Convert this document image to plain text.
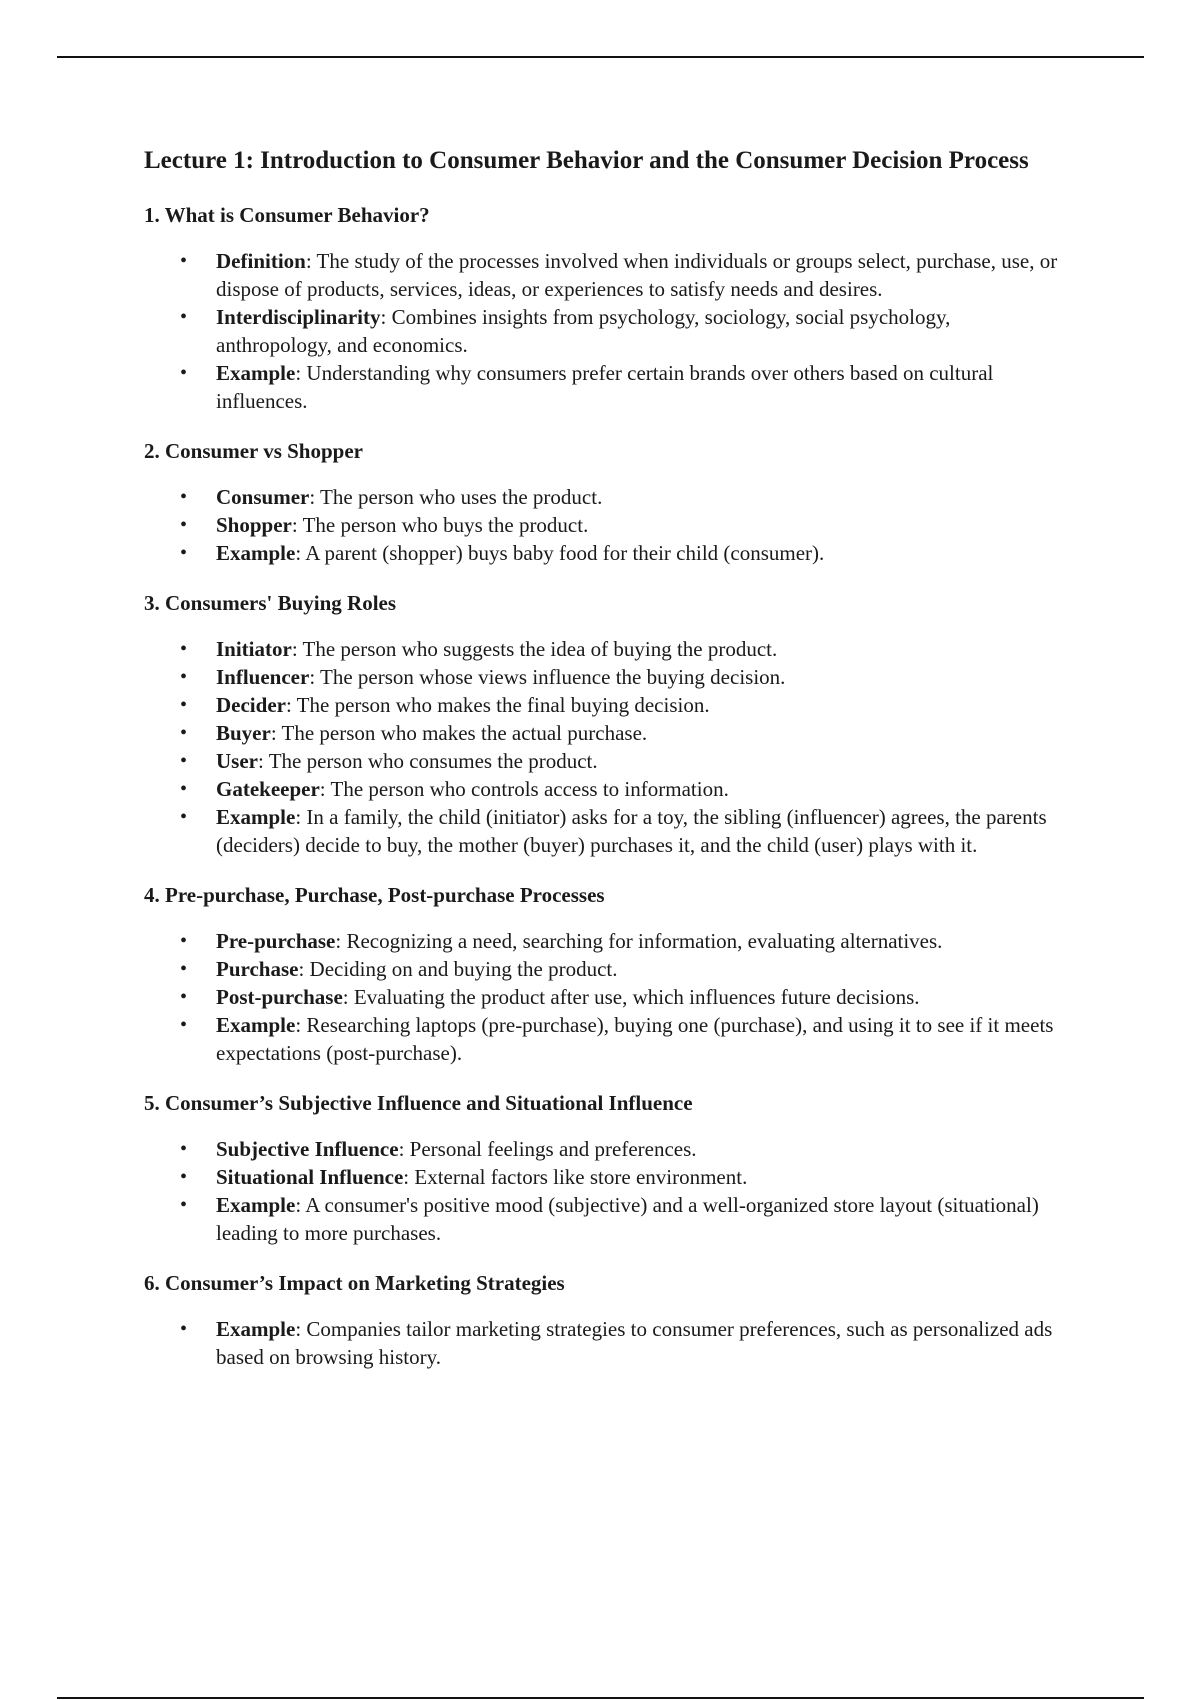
Lecture 1: Introduction to Consumer Behavior and the Consumer Decision Process
1. What is Consumer Behavior?
• Definition: The study of the processes involved when individuals or groups select, purchase, use, or dispose of products, services, ideas, or experiences to satisfy needs and desires.
• Interdisciplinarity: Combines insights from psychology, sociology, social psychology, anthropology, and economics.
• Example: Understanding why consumers prefer certain brands over others based on cultural influences.
2. Consumer vs Shopper
• Consumer: The person who uses the product.
• Shopper: The person who buys the product.
• Example: A parent (shopper) buys baby food for their child (consumer).
3. Consumers' Buying Roles
• Initiator: The person who suggests the idea of buying the product.
• Influencer: The person whose views influence the buying decision.
• Decider: The person who makes the final buying decision.
• Buyer: The person who makes the actual purchase.
• User: The person who consumes the product.
• Gatekeeper: The person who controls access to information.
• Example: In a family, the child (initiator) asks for a toy, the sibling (influencer) agrees, the parents (deciders) decide to buy, the mother (buyer) purchases it, and the child (user) plays with it.
4. Pre-purchase, Purchase, Post-purchase Processes
• Pre-purchase: Recognizing a need, searching for information, evaluating alternatives.
• Purchase: Deciding on and buying the product.
• Post-purchase: Evaluating the product after use, which influences future decisions.
• Example: Researching laptops (pre-purchase), buying one (purchase), and using it to see if it meets expectations (post-purchase).
5. Consumer’s Subjective Influence and Situational Influence
• Subjective Influence: Personal feelings and preferences.
• Situational Influence: External factors like store environment.
• Example: A consumer's positive mood (subjective) and a well-organized store layout (situational) leading to more purchases.
6. Consumer’s Impact on Marketing Strategies
• Example: Companies tailor marketing strategies to consumer preferences, such as personalized ads based on browsing history.
